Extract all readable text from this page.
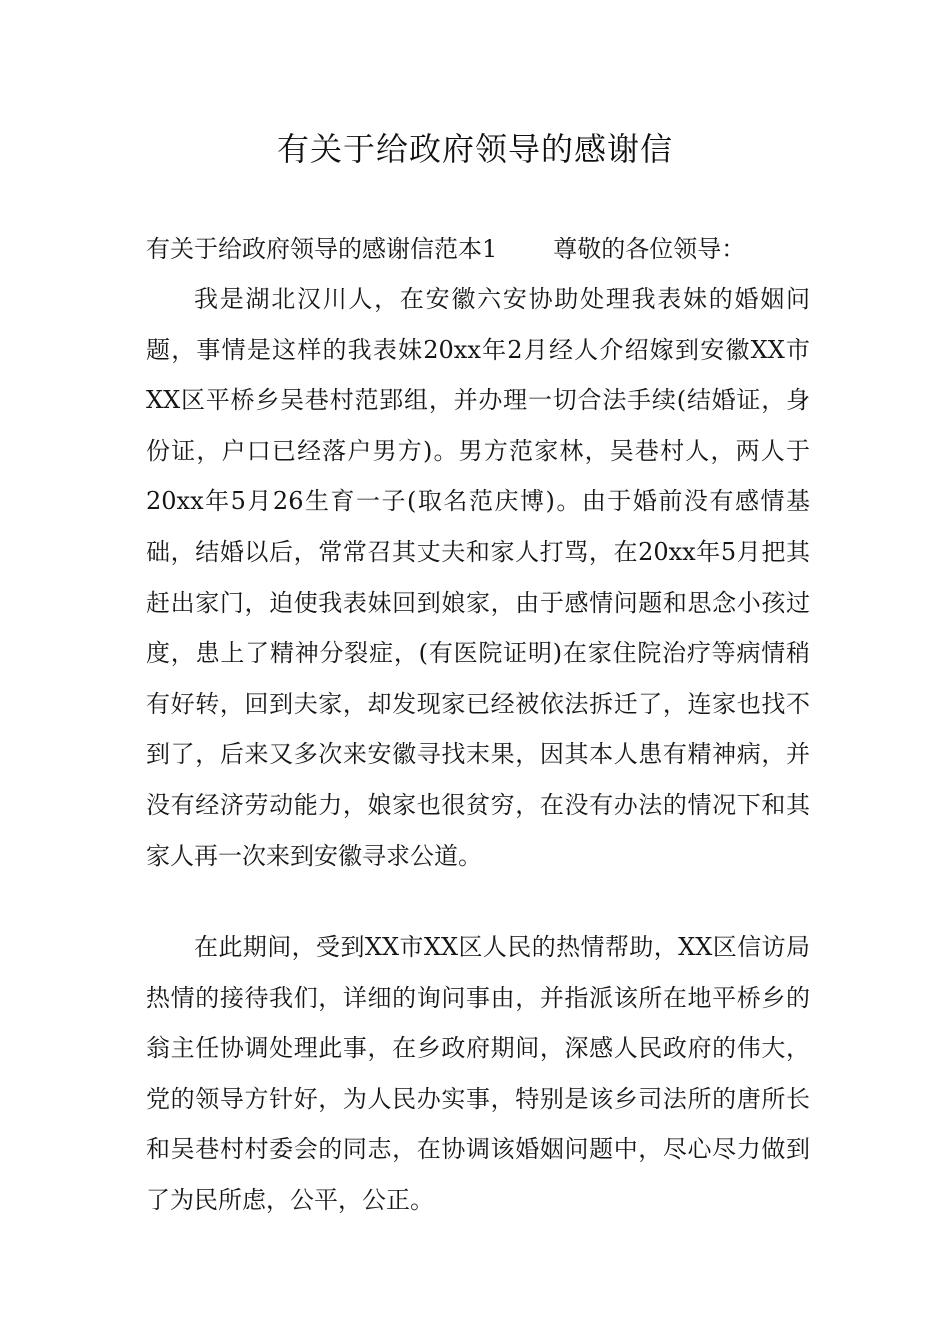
有关于给政府领导的感谢信

有关于给政府领导的感谢信范本1 尊敬的各位领导：

我是湖北汉川人，在安徽六安协助处理我表妹的婚姻问题，事情是这样的我表妹20xx年2月经人介绍嫁到安徽XX市XX区平桥乡吴巷村范郢组，并办理一切合法手续(结婚证，身份证，户口已经落户男方)。男方范家林，吴巷村人，两人于20xx年5月26生育一子(取名范庆博)。由于婚前没有感情基础，结婚以后，常常召其丈夫和家人打骂，在20xx年5月把其赶出家门，迫使我表妹回到娘家，由于感情问题和思念小孩过度，患上了精神分裂症，(有医院证明)在家住院治疗等病情稍有好转，回到夫家，却发现家已经被依法拆迁了，连家也找不到了，后来又多次来安徽寻找末果，因其本人患有精神病，并没有经济劳动能力，娘家也很贫穷，在没有办法的情况下和其家人再一次来到安徽寻求公道。

在此期间，受到XX市XX区人民的热情帮助，XX区信访局热情的接待我们，详细的询问事由，并指派该所在地平桥乡的翁主任协调处理此事，在乡政府期间，深感人民政府的伟大，党的领导方针好，为人民办实事，特别是该乡司法所的唐所长和吴巷村村委会的同志，在协调该婚姻问题中，尽心尽力做到了为民所虑，公平，公正。
